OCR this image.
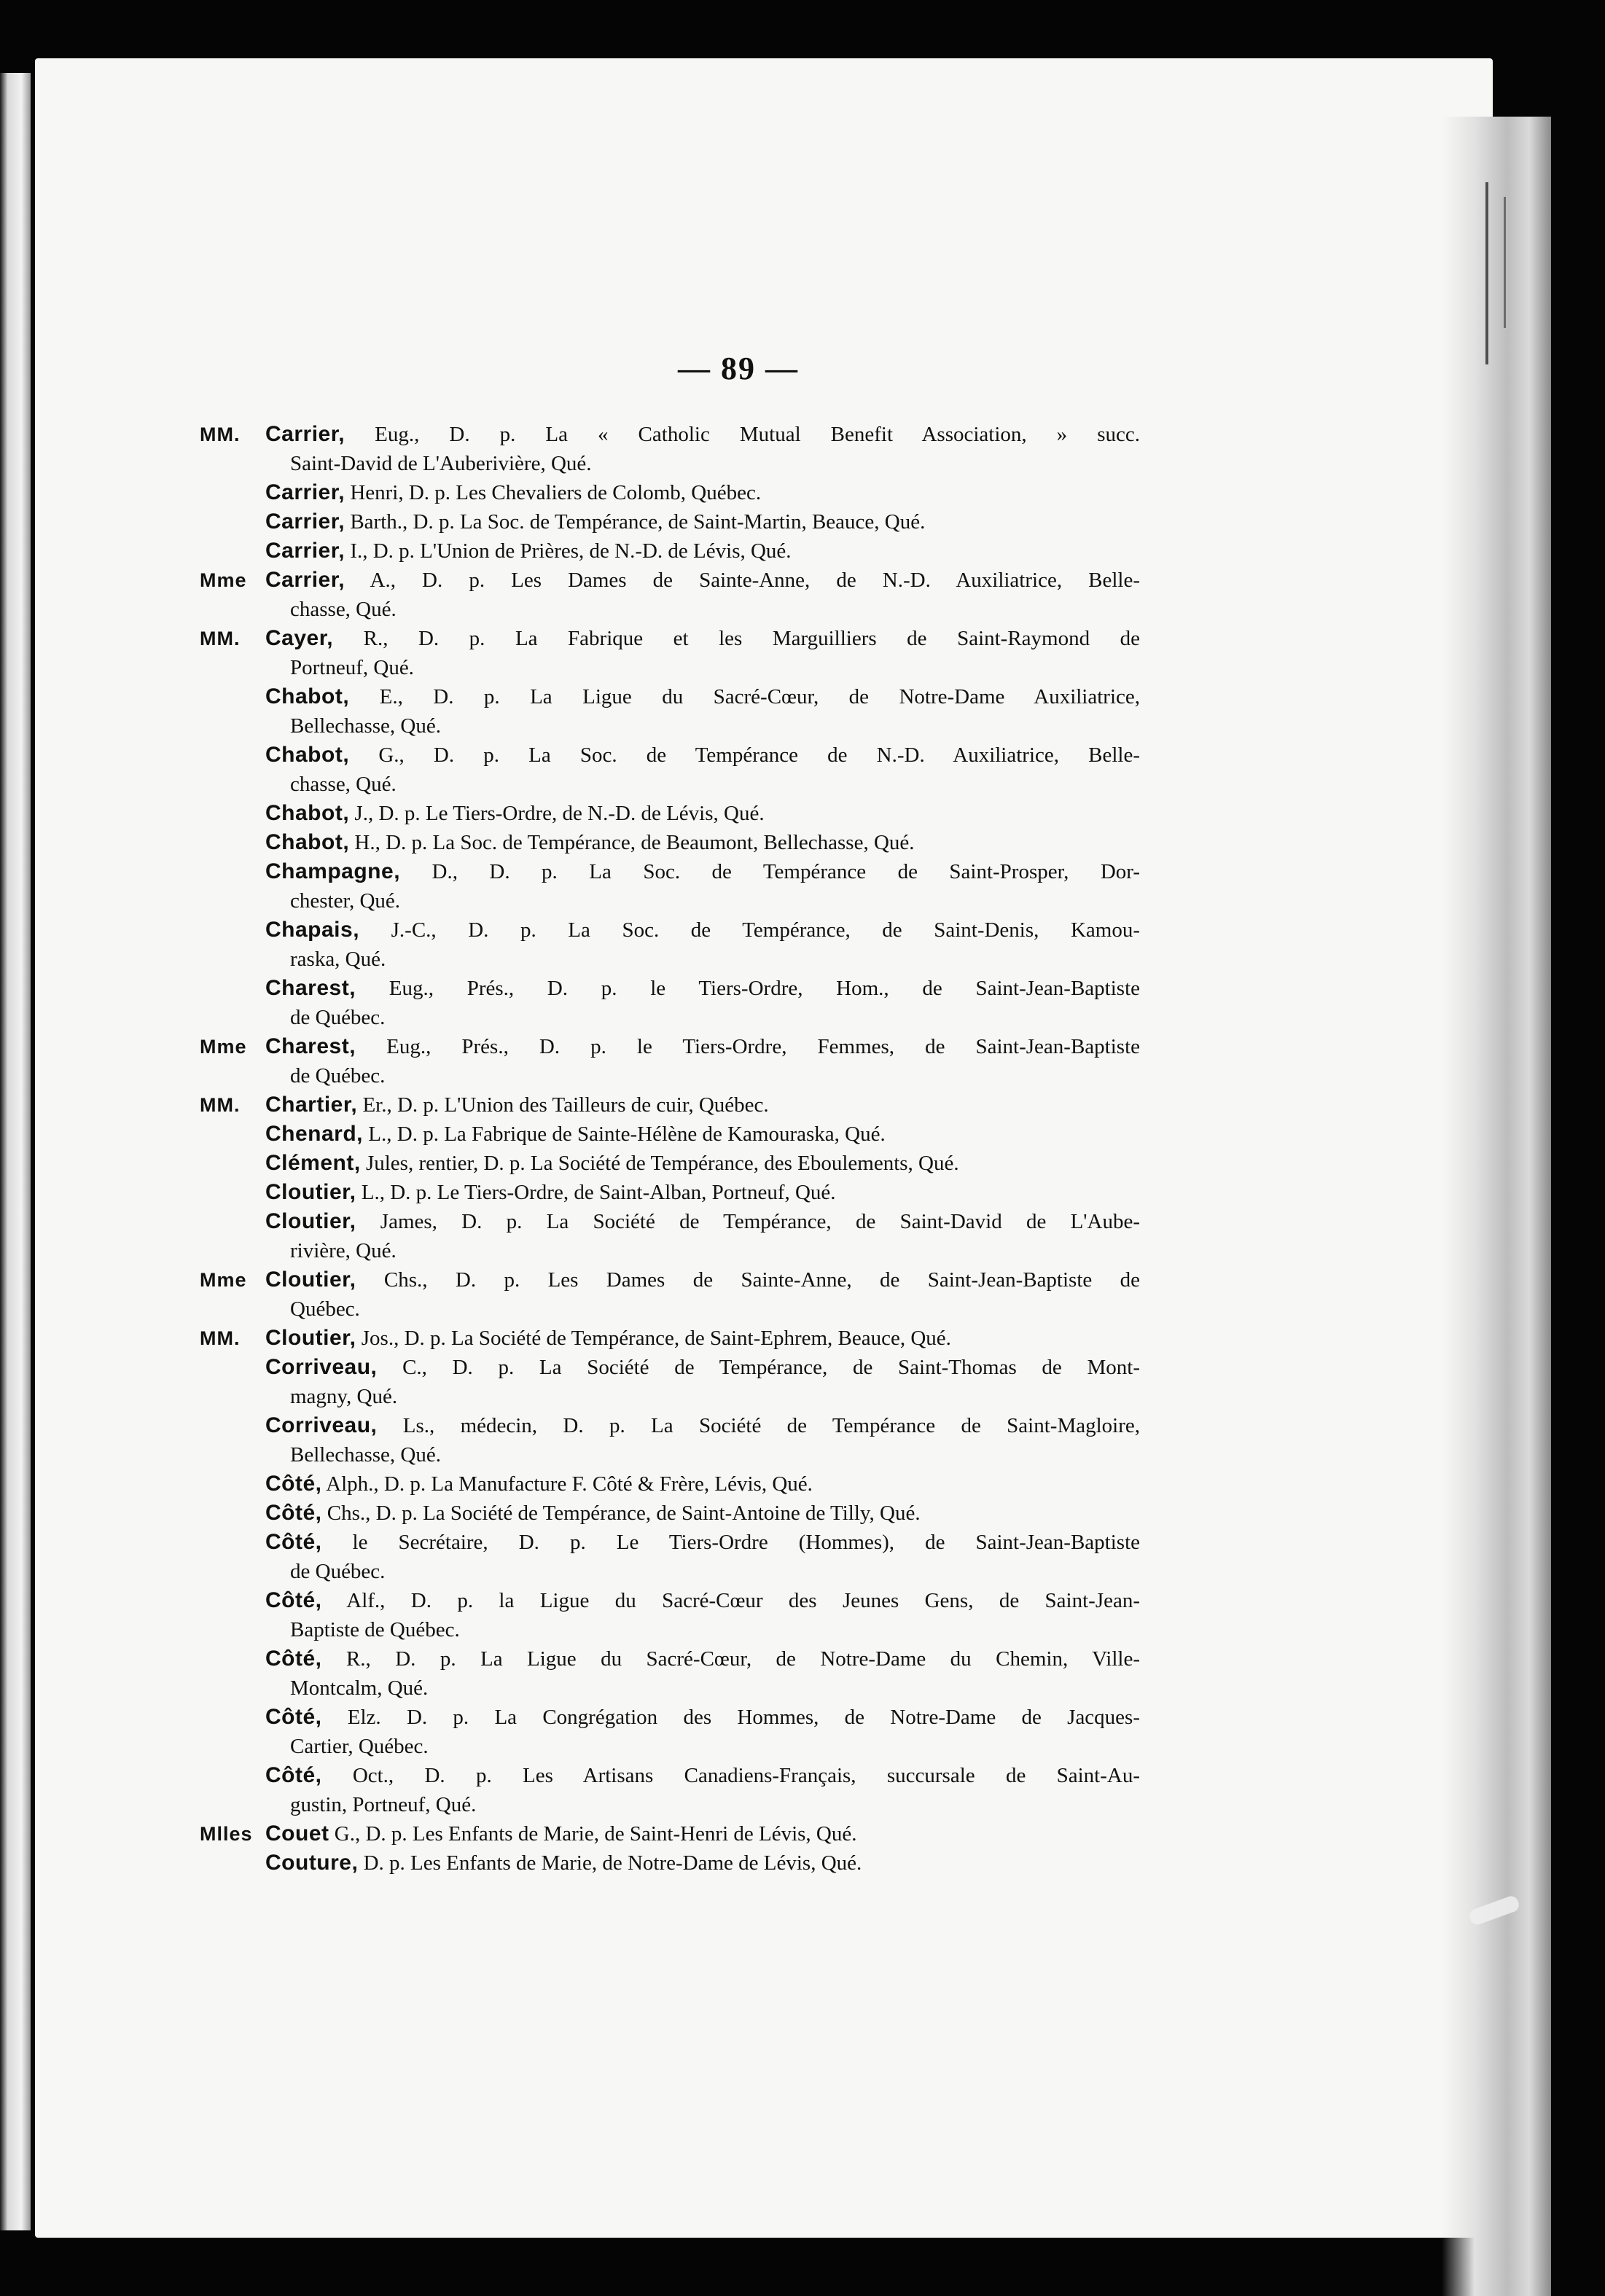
— 89 —
MM.	Carrier, Eug., D. p. La « Catholic Mutual Benefit Association, » succ.
Saint-David de L'Auberivière, Qué.
Carrier, Henri, D. p. Les Chevaliers de Colomb, Québec.
Carrier, Barth., D. p. La Soc. de Tempérance, de Saint-Martin, Beauce, Qué.
Carrier, I., D. p. L'Union de Prières, de N.-D. de Lévis, Qué.
Mme Carrier, A., D. p. Les Dames de Sainte-Anne, de N.-D. Auxiliatrice, Belle-
chasse, Qué.
MM.	Cayer, R., D. p. La Fabrique et les Marguilliers de Saint-Raymond de
Portneuf, Qué.
Chabot, E., D. p. La Ligue du Sacré-Cœur, de Notre-Dame Auxiliatrice,
Bellechasse, Qué.
Chabot, G., D. p. La Soc. de Tempérance de N.-D. Auxiliatrice, Belle-
chasse, Qué.
Chabot, J., D. p. Le Tiers-Ordre, de N.-D. de Lévis, Qué.
Chabot, H., D. p. La Soc. de Tempérance, de Beaumont, Bellechasse, Qué.
Champagne, D., D. p. La Soc. de Tempérance de Saint-Prosper, Dor-
chester, Qué.
Chapais, J.-C., D. p. La Soc. de Tempérance, de Saint-Denis, Kamou-
raska, Qué.
Charest, Eug., Prés., D. p. le Tiers-Ordre, Hom., de Saint-Jean-Baptiste
de Québec.
Mme Charest, Eug., Prés., D. p. le Tiers-Ordre, Femmes, de Saint-Jean-Baptiste
de Québec.
MM.	Chartier, Er., D. p. L'Union des Tailleurs de cuir, Québec.
Chenard, L., D. p. La Fabrique de Sainte-Hélène de Kamouraska, Qué.
Clément, Jules, rentier, D. p. La Société de Tempérance, des Eboulements, Qué.
Cloutier, L., D. p. Le Tiers-Ordre, de Saint-Alban, Portneuf, Qué.
Cloutier, James, D. p. La Société de Tempérance, de Saint-David de L'Aube-
rivière, Qué.
Mme Cloutier, Chs., D. p. Les Dames de Sainte-Anne, de Saint-Jean-Baptiste de
Québec.
MM.	Cloutier, Jos., D. p. La Société de Tempérance, de Saint-Ephrem, Beauce, Qué.
Corriveau, C., D. p. La Société de Tempérance, de Saint-Thomas de Mont-
magny, Qué.
Corriveau, Ls., médecin, D. p. La Société de Tempérance de Saint-Magloire,
Bellechasse, Qué.
Côté, Alph., D. p. La Manufacture F. Côté & Frère, Lévis, Qué.
Côté, Chs., D. p. La Société de Tempérance, de Saint-Antoine de Tilly, Qué.
Côté, le Secrétaire, D. p. Le Tiers-Ordre (Hommes), de Saint-Jean-Baptiste
de Québec.
Côté, Alf., D. p. la Ligue du Sacré-Cœur des Jeunes Gens, de Saint-Jean-
Baptiste de Québec.
Côté, R., D. p. La Ligue du Sacré-Cœur, de Notre-Dame du Chemin, Ville-
Montcalm, Qué.
Côté, Elz. D. p. La Congrégation des Hommes, de Notre-Dame de Jacques-
Cartier, Québec.
Côté, Oct., D. p. Les Artisans Canadiens-Français, succursale de Saint-Au-
gustin, Portneuf, Qué.
Mlles Couet G., D. p. Les Enfants de Marie, de Saint-Henri de Lévis, Qué.
Couture, D. p. Les Enfants de Marie, de Notre-Dame de Lévis, Qué.
